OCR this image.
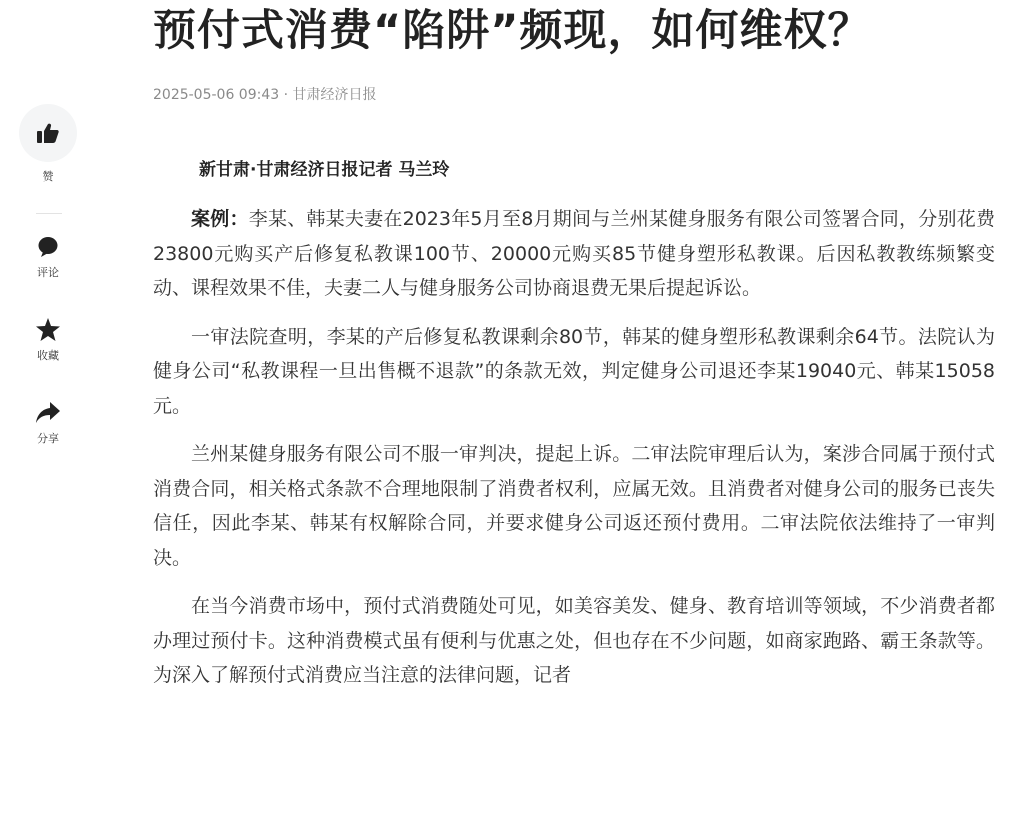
预付式消费“陷阱”频现，如何维权？
2025-05-06 09:43 · 甘肃经济日报
赞
评论
收藏
分享
新甘肃·甘肃经济日报记者 马兰玲

案例：李某、韩某夫妻在2023年5月至8月期间与兰州某健身服务有限公司签署合同，分别花费23800元购买产后修复私教课100节、20000元购买85节健身塑形私教课。后因私教教练频繁变动、课程效果不佳，夫妻二人与健身服务公司协商退费无果后提起诉讼。

一审法院查明，李某的产后修复私教课剩余80节，韩某的健身塑形私教课剩余64节。法院认为健身公司“私教课程一旦出售概不退款”的条款无效，判定健身公司退还李某19040元、韩某15058元。

兰州某健身服务有限公司不服一审判决，提起上诉。二审法院审理后认为，案涉合同属于预付式消费合同，相关格式条款不合理地限制了消费者权利，应属无效。且消费者对健身公司的服务已丧失信任，因此李某、韩某有权解除合同，并要求健身公司返还预付费用。二审法院依法维持了一审判决。

在当今消费市场中，预付式消费随处可见，如美容美发、健身、教育培训等领域，不少消费者都办理过预付卡。这种消费模式虽有便利与优惠之处，但也存在不少问题，如商家跑路、霸王条款等。为深入了解预付式消费应当注意的法律问题，记者
